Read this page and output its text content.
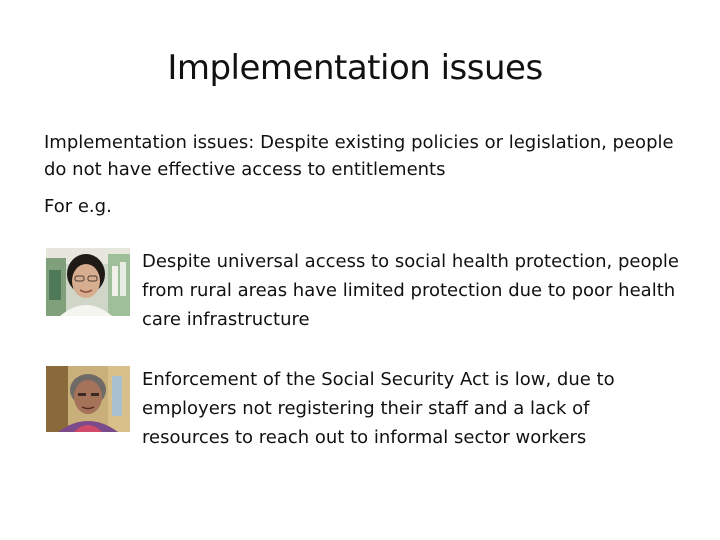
Implementation issues
Implementation issues: Despite existing policies or legislation, people do not have effective access to entitlements
For e.g.
Despite universal access to social health protection, people from rural areas have limited protection due to poor health care infrastructure
Enforcement of the Social Security Act is low, due to employers not registering their staff and a lack of resources to reach out to informal sector workers
